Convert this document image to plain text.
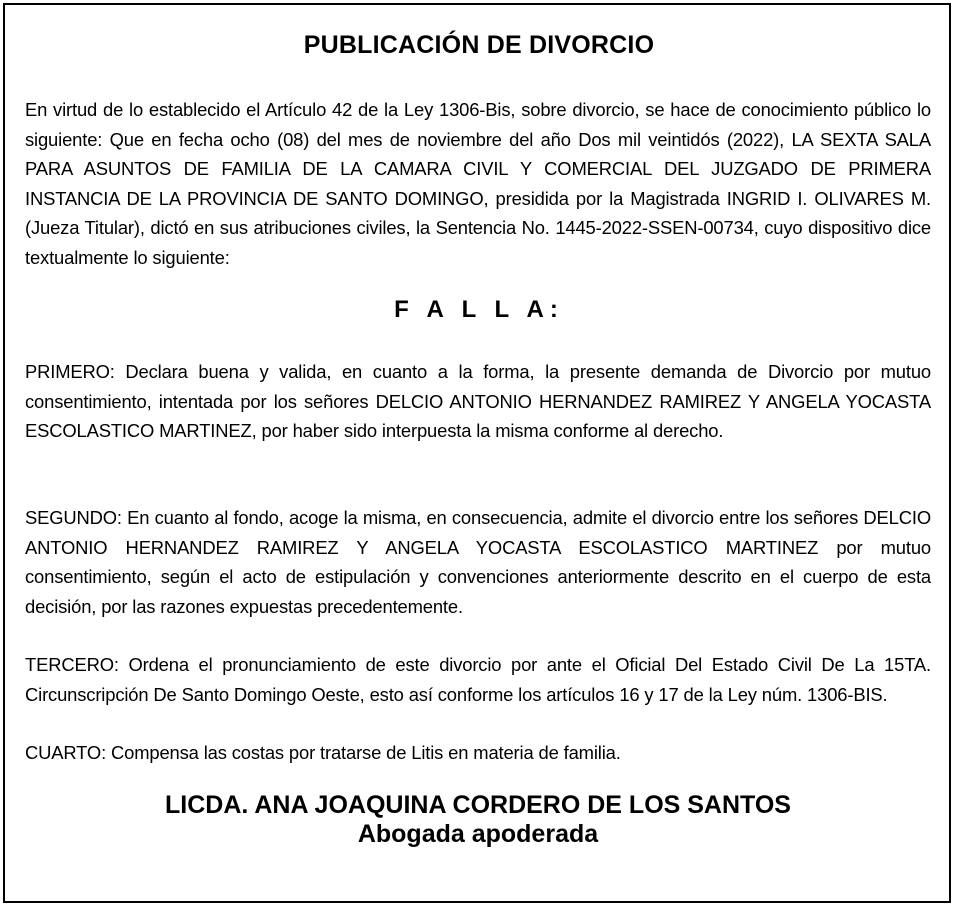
PUBLICACIÓN DE DIVORCIO
En virtud de lo establecido el Artículo 42 de la Ley 1306-Bis, sobre divorcio, se hace de conocimiento público lo siguiente: Que en fecha ocho (08) del mes de noviembre del año Dos mil veintidós (2022), LA SEXTA SALA PARA ASUNTOS DE FAMILIA DE LA CAMARA CIVIL Y COMERCIAL DEL JUZGADO DE PRIMERA INSTANCIA DE LA PROVINCIA DE SANTO DOMINGO, presidida por la Magistrada INGRID I. OLIVARES M. (Jueza Titular), dictó en sus atribuciones civiles, la Sentencia No. 1445-2022-SSEN-00734, cuyo dispositivo dice textualmente lo siguiente:
F A L L A:
PRIMERO: Declara buena y valida, en cuanto a la forma, la presente demanda de Divorcio por mutuo consentimiento, intentada por los señores DELCIO ANTONIO HERNANDEZ RAMIREZ Y ANGELA YOCASTA ESCOLASTICO MARTINEZ, por haber sido interpuesta la misma conforme al derecho.
SEGUNDO: En cuanto al fondo, acoge la misma, en consecuencia, admite el divorcio entre los señores DELCIO ANTONIO HERNANDEZ RAMIREZ Y ANGELA YOCASTA ESCOLASTICO MARTINEZ por mutuo consentimiento, según el acto de estipulación y convenciones anteriormente descrito en el cuerpo de esta decisión, por las razones expuestas precedentemente.
TERCERO: Ordena el pronunciamiento de este divorcio por ante el Oficial Del Estado Civil De La 15TA. Circunscripción De Santo Domingo Oeste, esto así conforme los artículos 16 y 17 de la Ley núm. 1306-BIS.
CUARTO: Compensa las costas por tratarse de Litis en materia de familia.
LICDA. ANA JOAQUINA CORDERO DE LOS SANTOS
Abogada apoderada
